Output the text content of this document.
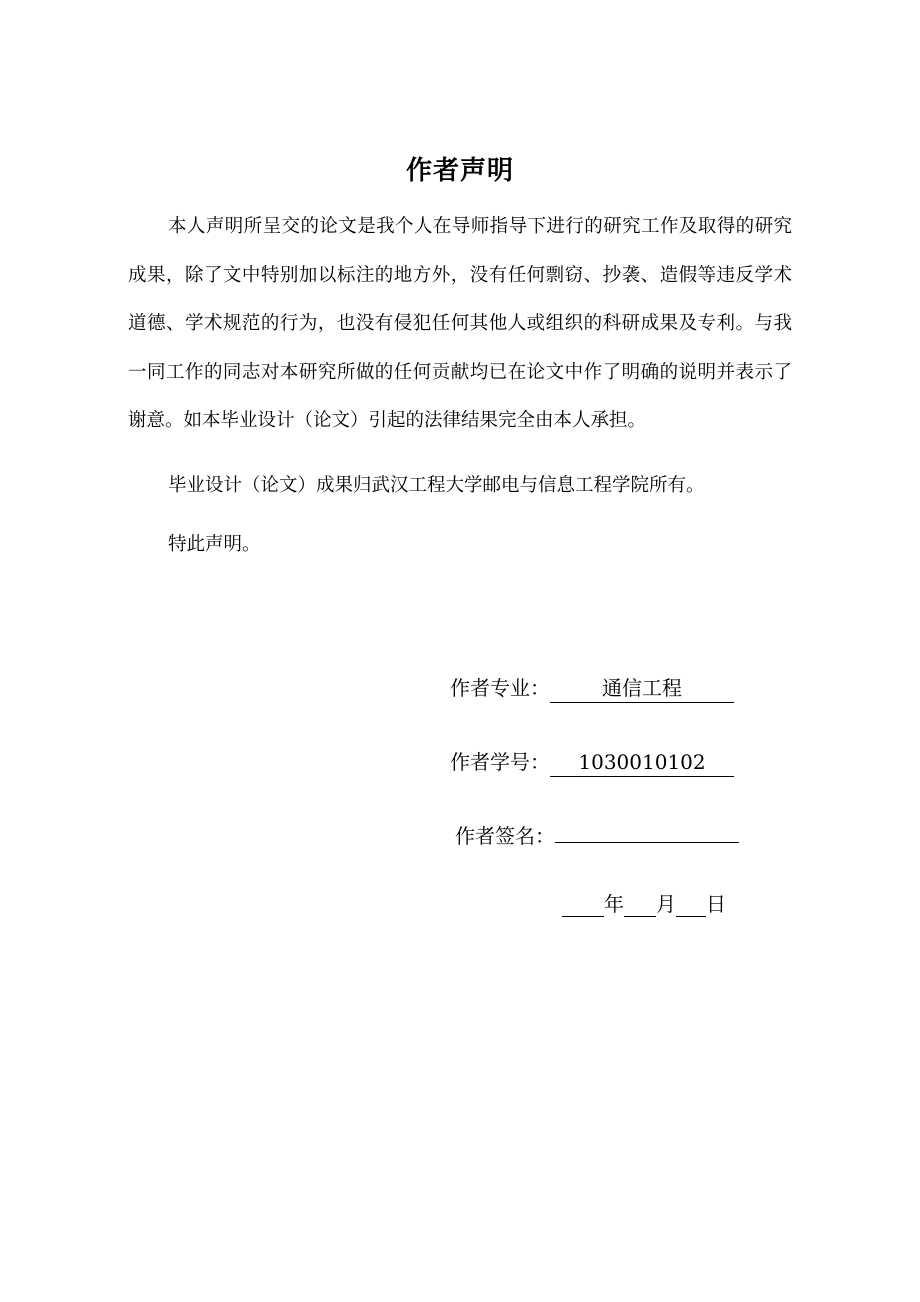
作者声明
本人声明所呈交的论文是我个人在导师指导下进行的研究工作及取得的研究成果，除了文中特别加以标注的地方外，没有任何剽窃、抄袭、造假等违反学术道德、学术规范的行为，也没有侵犯任何其他人或组织的科研成果及专利。与我一同工作的同志对本研究所做的任何贡献均已在论文中作了明确的说明并表示了谢意。如本毕业设计（论文）引起的法律结果完全由本人承担。
毕业设计（论文）成果归武汉工程大学邮电与信息工程学院所有。
特此声明。
作者专业：	通信工程
作者学号： 1030010102
作者签名：
年 月 日
